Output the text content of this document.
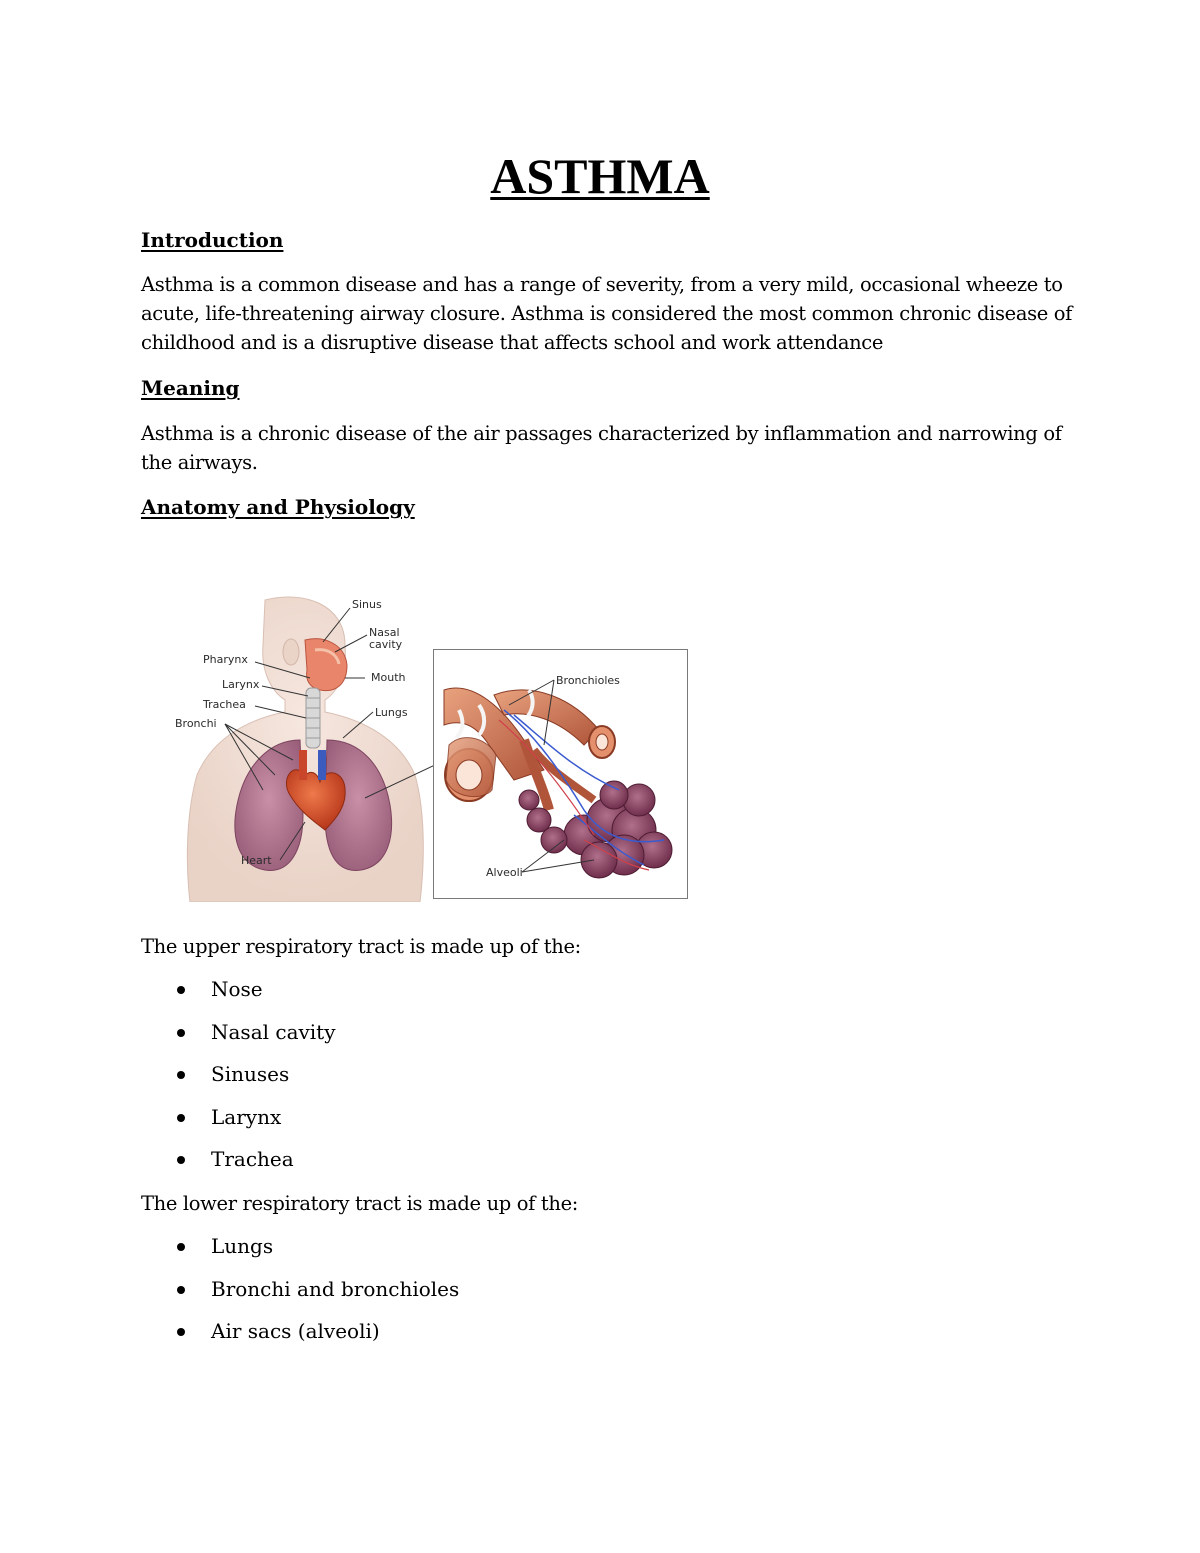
ASTHMA
Introduction
Asthma is a common disease and has a range of severity, from a very mild, occasional wheeze to
acute, life-threatening airway closure. Asthma is considered the most common chronic disease of
childhood and is a disruptive disease that affects school and work attendance
Meaning
Asthma is a chronic disease of the air passages characterized by inflammation and narrowing of
the airways.
Anatomy and Physiology
Sinus
Nasal
cavity
Pharynx
Mouth
Larynx
Trachea
Lungs
Bronchi
Heart
Bronchioles
Alveoli
The upper respiratory tract is made up of the:
Nose
Nasal cavity
Sinuses
Larynx
Trachea
The lower respiratory tract is made up of the:
Lungs
Bronchi and bronchioles
Air sacs (alveoli)
